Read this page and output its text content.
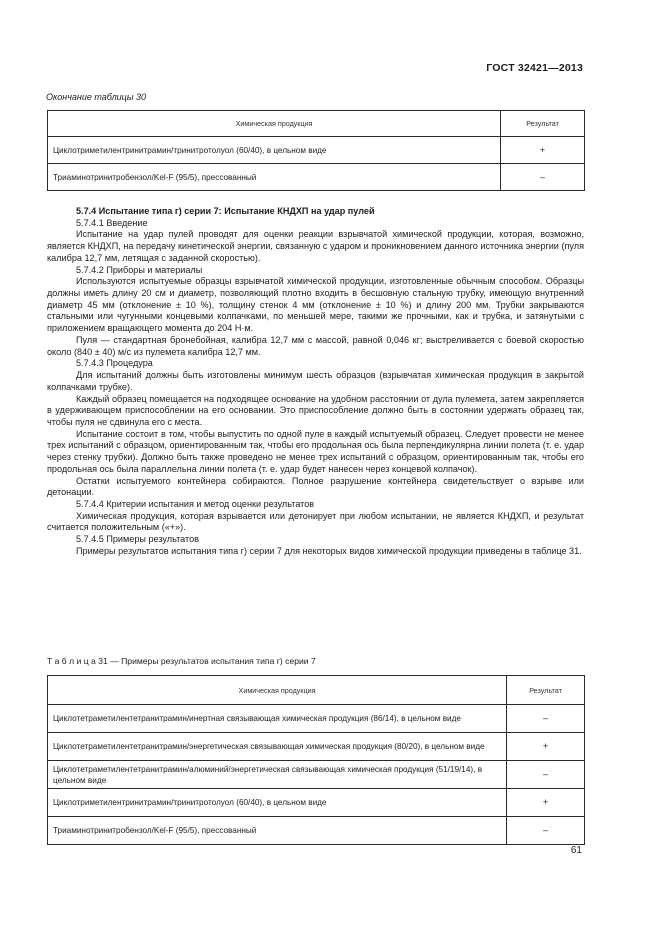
ГОСТ 32421—2013
Окончание таблицы 30
Химическая продукция	Результат
Циклотриметилентринитрамин/тринитротолуол (60/40), в цельном виде	+
Триаминотринитробензол/Kel-F (95/5), прессованный	–

5.7.4 Испытание типа г) серии 7: Испытание КНДХП на удар пулей

5.7.4.1 Введение

Испытание на удар пулей проводят для оценки реакции взрывчатой химической продукции, которая, возможно, является КНДХП, на передачу кинетической энергии, связанную с ударом и проникновением данного источника энергии (пуля калибра 12,7 мм, летящая с заданной скоростью).

5.7.4.2 Приборы и материалы

Используются испытуемые образцы взрывчатой химической продукции, изготовленные обычным способом. Образцы должны иметь длину 20 см и диаметр, позволяющий плотно входить в бесшовную стальную трубку, имеющую внутренний диаметр 45 мм (отклонение ± 10 %), толщину стенок 4 мм (отклонение ± 10 %) и длину 200 мм. Трубки закрываются стальными или чугунными концевыми колпачками, по меньшей мере, такими же прочными, как и трубка, и затянутыми с приложением вращающего момента до 204 Н·м.

Пуля — стандартная бронебойная, калибра 12,7 мм с массой, равной 0,046 кг; выстреливается с боевой скоростью около (840 ± 40) м/с из пулемета калибра 12,7 мм.

5.7.4.3 Процедура

Для испытаний должны быть изготовлены минимум шесть образцов (взрывчатая химическая продукция в закрытой колпачками трубке).

Каждый образец помещается на подходящее основание на удобном расстоянии от дула пулемета, затем закрепляется в удерживающем приспособлении на его основании. Это приспособление должно быть в состоянии удержать образец так, чтобы пуля не сдвинула его с места.

Испытание состоит в том, чтобы выпустить по одной пуле в каждый испытуемый образец. Следует провести не менее трех испытаний с образцом, ориентированным так, чтобы его продольная ось была перпендикулярна линии полета (т. е. удар через стенку трубки). Должно быть также проведено не менее трех испытаний с образцом, ориентированным так, чтобы его продольная ось была параллельна линии полета (т. е. удар будет нанесен через концевой колпачок).

Остатки испытуемого контейнера собираются. Полное разрушение контейнера свидетельствует о взрыве или детонации.

5.7.4.4 Критерии испытания и метод оценки результатов

Химическая продукция, которая взрывается или детонирует при любом испытании, не является КНДХП, и результат считается положительным («+»).

5.7.4.5 Примеры результатов

Примеры результатов испытания типа г) серии 7 для некоторых видов химической продукции приведены в таблице 31.

Т а б л и ц а 31 — Примеры результатов испытания типа г) серии 7
Химическая продукция	Результат
Циклотетраметилентетранитрамин/инертная связывающая химическая продукция (86/14), в цельном виде	–
Циклотетраметилентетранитрамин/энергетическая связывающая химическая продукция (80/20), в цельном виде	+
Циклотетраметилентетранитрамин/алюминий/энергетическая связывающая химическая продукция (51/19/14), в цельном виде	–
Циклотриметилентринитрамин/тринитротолуол (60/40), в цельном виде	+
Триаминотринитробензол/Kel-F (95/5), прессованный	–
61
